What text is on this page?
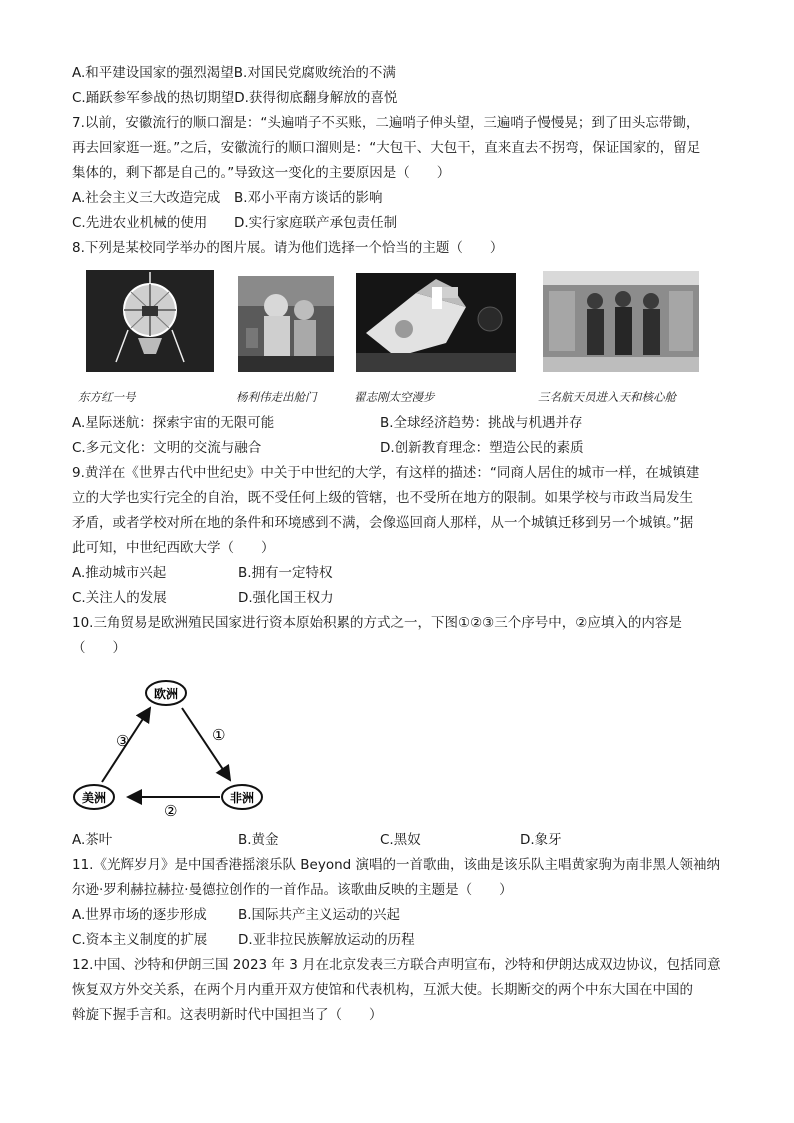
A.和平建设国家的强烈渴望B.对国民党腐败统治的不满
C.踊跃参军参战的热切期望D.获得彻底翻身解放的喜悦
7.以前，安徽流行的顺口溜是：“头遍哨子不买账，二遍哨子伸头望，三遍哨子慢慢晃；到了田头忘带锄，
再去回家逛一逛。”之后，安徽流行的顺口溜则是：“大包干、大包干，直来直去不拐弯，保证国家的，留足
集体的，剩下都是自己的。”导致这一变化的主要原因是（　　）
A.社会主义三大改造完成 B.邓小平南方谈话的影响
C.先进农业机械的使用 D.实行家庭联产承包责任制
8.下列是某校同学举办的图片展。请为他们选择一个恰当的主题（　　）
东方红一号	杨利伟走出舱门	翟志刚太空漫步	三名航天员进入天和核心舱
A.星际迷航：探索宇宙的无限可能	B.全球经济趋势：挑战与机遇并存
C.多元文化：文明的交流与融合	D.创新教育理念：塑造公民的素质
9.黄洋在《世界古代中世纪史》中关于中世纪的大学，有这样的描述：“同商人居住的城市一样，在城镇建
立的大学也实行完全的自治，既不受任何上级的管辖，也不受所在地方的限制。如果学校与市政当局发生
矛盾，或者学校对所在地的条件和环境感到不满，会像巡回商人那样，从一个城镇迁移到另一个城镇。”据
此可知，中世纪西欧大学（　　）
A.推动城市兴起	B.拥有一定特权
C.关注人的发展	D.强化国王权力
10.三角贸易是欧洲殖民国家进行资本原始积累的方式之一，下图①②③三个序号中，②应填入的内容是
（　　）
欧洲
美洲	非洲
①
②
③
A.茶叶	B.黄金	C.黑奴	D.象牙
11.《光辉岁月》是中国香港摇滚乐队 Beyond 演唱的一首歌曲，该曲是该乐队主唱黄家驹为南非黑人领袖纳
尔逊·罗利赫拉赫拉·曼德拉创作的一首作品。该歌曲反映的主题是（　　）
A.世界市场的逐步形成 B.国际共产主义运动的兴起
C.资本主义制度的扩展 D.亚非拉民族解放运动的历程
12.中国、沙特和伊朗三国 2023 年 3 月在北京发表三方联合声明宣布，沙特和伊朗达成双边协议，包括同意
恢复双方外交关系，在两个月内重开双方使馆和代表机构，互派大使。长期断交的两个中东大国在中国的
斡旋下握手言和。这表明新时代中国担当了（　　）
